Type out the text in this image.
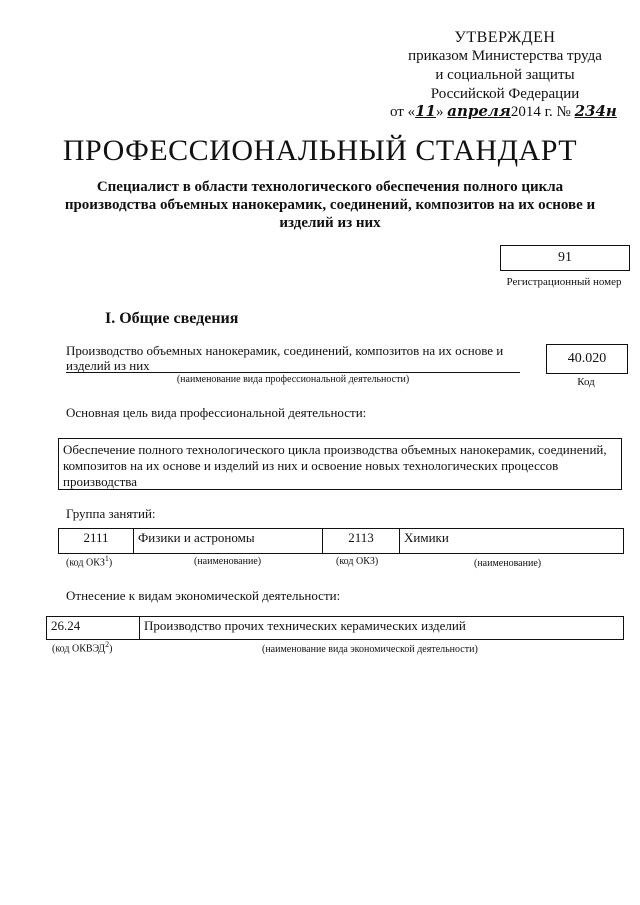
УТВЕРЖДЕН
приказом Министерства труда
и социальной защиты
Российской Федерации
от «11» апреля2014 г. № 234н
ПРОФЕССИОНАЛЬНЫЙ СТАНДАРТ
Специалист в области технологического обеспечения полного цикла производства объемных нанокерамик, соединений, композитов на их основе и изделий из них
91
Регистрационный номер
I. Общие сведения
Производство объемных нанокерамик, соединений, композитов на их основе и изделий из них
(наименование вида профессиональной деятельности)
40.020
Код
Основная цель вида профессиональной деятельности:
Обеспечение полного технологического цикла производства объемных нанокерамик, соединений, композитов на их основе и изделий из них и освоение новых технологических процессов производства
Группа занятий:
2111	Физики и астрономы	2113	Химики
(код ОКЗ$^1$)	(наименование)	(код ОКЗ)	(наименование)
Отнесение к видам экономической деятельности:
26.24	Производство прочих технических керамических изделий
(код ОКВЭД$^2$)	(наименование вида экономической деятельности)
